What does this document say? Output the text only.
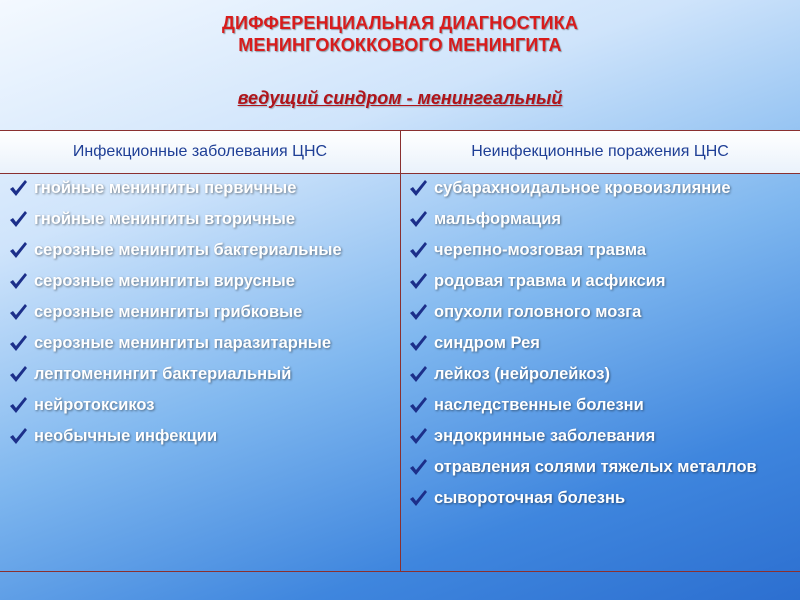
ДИФФЕРЕНЦИАЛЬНАЯ ДИАГНОСТИКА

МЕНИНГОКОККОВОГО МЕНИНГИТА

ведущий синдром - менингеальный
Инфекционные заболевания ЦНС	Неинфекционные поражения ЦНС
гнойные менингиты первичные
гнойные менингиты вторичные
серозные менингиты бактериальные
серозные менингиты вирусные
серозные менингиты грибковые
серозные менингиты паразитарные
лептоменингит бактериальный
нейротоксикоз
необычные инфекции
субарахноидальное кровоизлияние
мальформация
черепно-мозговая травма
родовая травма и асфиксия
опухоли головного мозга
синдром Рея
лейкоз (нейролейкоз)
наследственные болезни
эндокринные заболевания
отравления солями тяжелых металлов
сывороточная болезнь
